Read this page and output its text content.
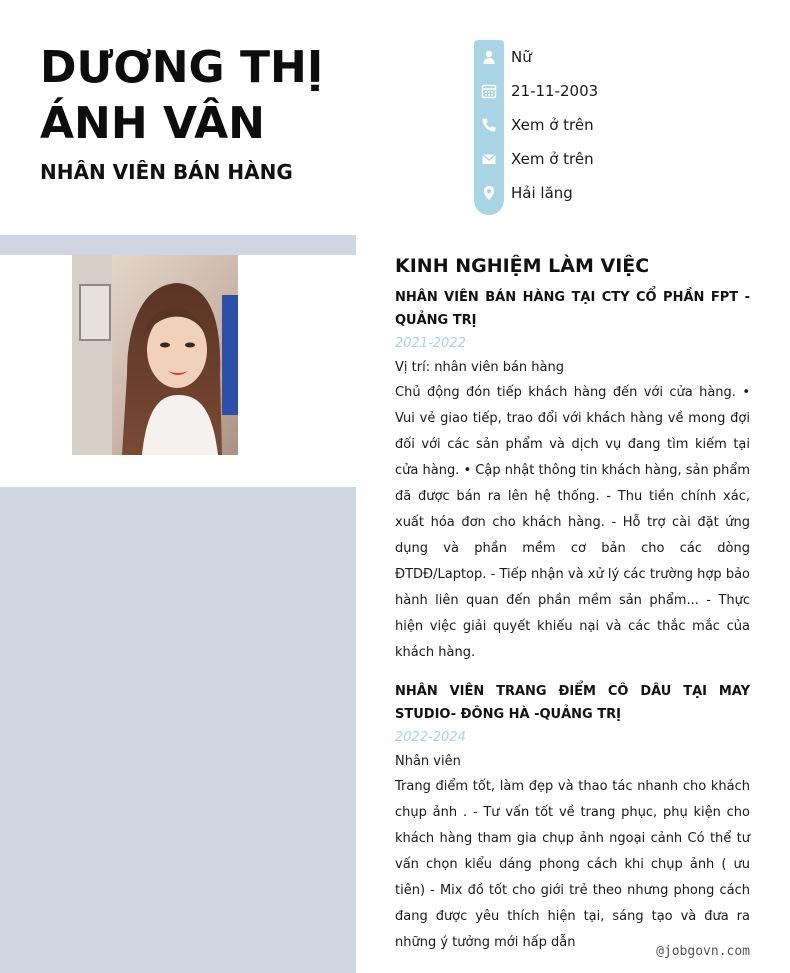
DƯƠNG THỊ ÁNH VÂN
NHÂN VIÊN BÁN HÀNG
Nữ
21-11-2003
Xem ở trên
Xem ở trên
Hải lăng
KINH NGHIỆM LÀM VIỆC
NHÂN VIÊN BÁN HÀNG TẠI CTY CỔ PHẦN FPT -QUẢNG TRỊ
2021-2022
Vị trí: nhân viên bán hàng
Chủ động đón tiếp khách hàng đến với cửa hàng. • Vui vẻ giao tiếp, trao đổi với khách hàng về mong đợi đối với các sản phẩm và dịch vụ đang tìm kiếm tại cửa hàng. • Cập nhật thông tin khách hàng, sản phẩm đã được bán ra lên hệ thống. - Thu tiền chính xác, xuất hóa đơn cho khách hàng. - Hỗ trợ cài đặt ứng dụng và phần mềm cơ bản cho các dòng ĐTDĐ/Laptop. - Tiếp nhận và xử lý các trường hợp bảo hành liên quan đến phần mềm sản phẩm... - Thực hiện việc giải quyết khiếu nại và các thắc mắc của khách hàng.
NHÂN VIÊN TRANG ĐIỂM CÔ DÂU TẠI MAY STUDIO- ĐÔNG HÀ -QUẢNG TRỊ
2022-2024
Nhân viên
Trang điểm tốt, làm đẹp và thao tác nhanh cho khách chụp ảnh . - Tư vấn tốt về trang phục, phụ kiện cho khách hàng tham gia chụp ảnh ngoại cảnh Có thể tư vấn chọn kiểu dáng phong cách khi chụp ảnh ( ưu tiên) - Mix đồ tốt cho giới trẻ theo nhưng phong cách đang được yêu thích hiện tại, sáng tạo và đưa ra những ý tưởng mới hấp dẫn
@jobgovn.com
